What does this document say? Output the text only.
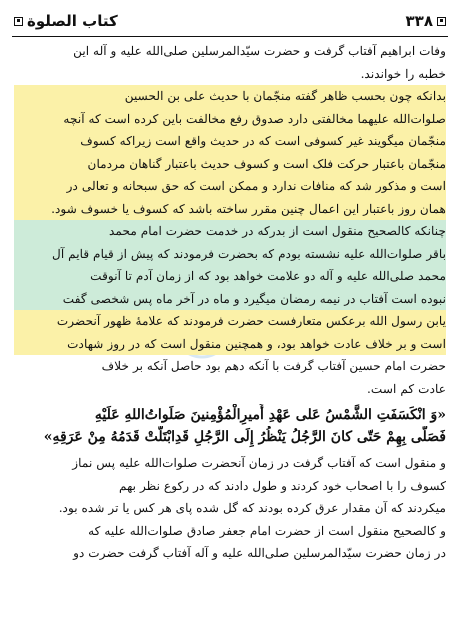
کتاب الصلوة	۳۳۸
وفات ابراهیم آفتاب گرفت و حضرت سیّدالمرسلین صلی‌الله علیه و آله این
خطبه را خواندند.
بدانکه چون بحسب ظاهر گفته منجّمان با حدیث علی بن الحسین
صلوات‌الله علیهما مخالفتی دارد صدوق رفع مخالفت باین کرده است که آنچه
منجّمان میگویند غیر کسوفی است که در حدیث واقع است زیراکه کسوف
منجّمان باعتبار حرکت فلک است و کسوف حدیث باعتبار گناهان مردمان
است و مذکور شد که منافات ندارد و ممکن است که حق سبحانه و تعالی در
همان روز باعتبار این اعمال چنین مقرر ساخته باشد که کسوف یا خسوف شود.
چنانکه کالصحیح منقول است از بدرکه در خدمت حضرت امام محمد
باقر صلوات‌الله علیه نشسته بودم که بحضرت فرمودند که پیش از قیام قایم آل
محمد صلی‌الله علیه و آله دو علامت خواهد بود که از زمان آدم تا آنوقت
نبوده است آفتاب در نیمه رمضان میگیرد و ماه در آخر ماه پس شخصی گفت
یابن رسول الله برعکس متعارفست حضرت فرمودند که علامهٔ ظهور آنحضرت
است و بر خلاف عادت خواهد بود، و همچنین منقول است که در روز شهادت
حضرت امام حسین آفتاب گرفت با آنکه دهم بود حاصل آنکه بر خلاف
عادت کم است.
«وَ انْكَسَفَتِ الشَّمْسُ عَلى عَهْدِ أَميرِالْمُؤْمِنينَ صَلَواتُ‌اللهِ عَلَيْهِ
فَصَلّى بِهِمْ حَتّى كانَ الرَّجُلُ يَنْظُرُ إِلَى الرَّجُلِ قَدِابْتَلَّتْ قَدَمُهُ مِنْ عَرَقِهِ»
و منقول است که آفتاب گرفت در زمان آنحضرت صلوات‌الله علیه پس نماز
کسوف را با اصحاب خود کردند و طول دادند که در رکوع نظر بهم
میکردند که آن مقدار عرق کرده بودند که گل شده پای هر کس یا تر شده بود.
و کالصحیح منقول است از حضرت امام جعفر صادق صلوات‌الله علیه که
در زمان حضرت سیّدالمرسلین صلی‌الله علیه و آله آفتاب گرفت حضرت دو
